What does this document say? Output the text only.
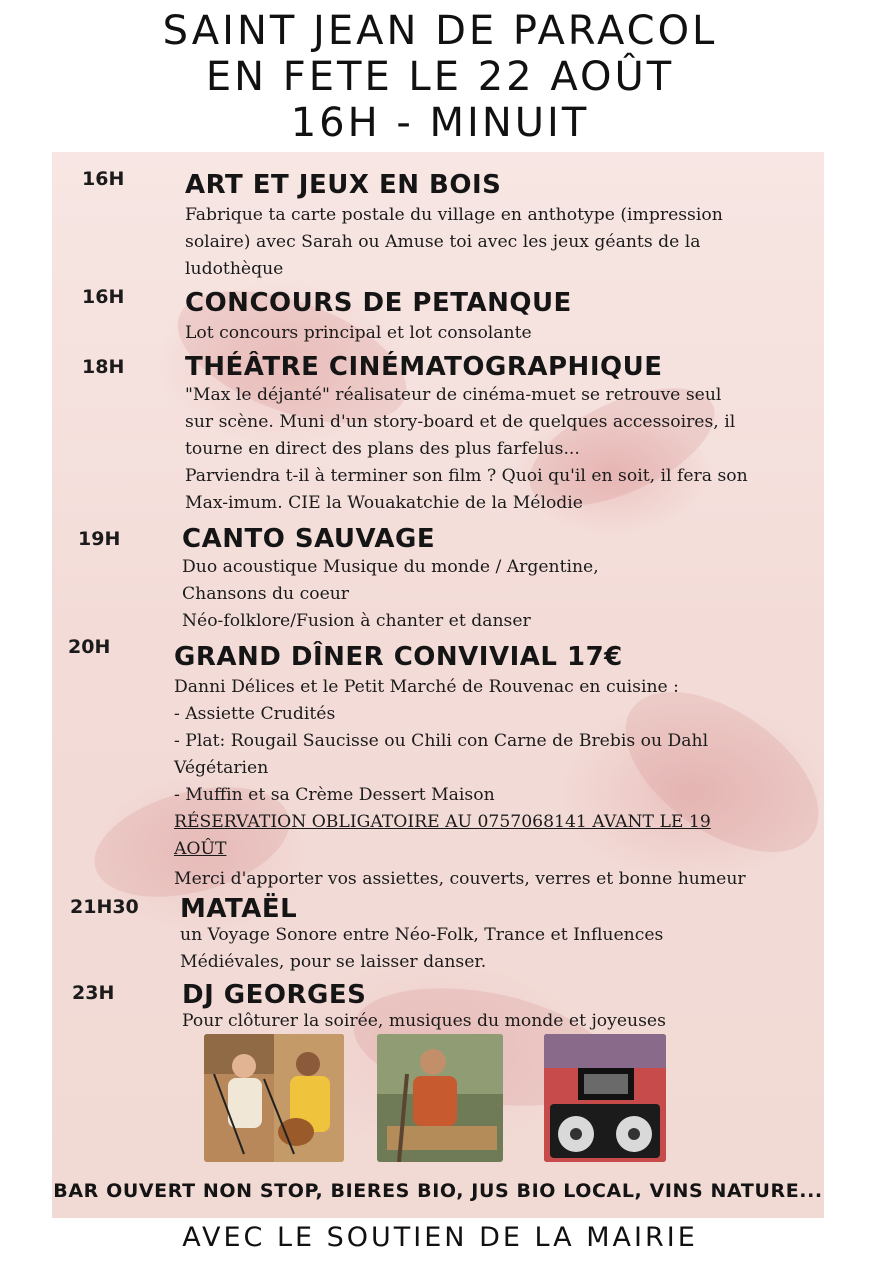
SAINT JEAN DE PARACOL
EN FETE LE 22 AOÛT
16H - MINUIT
16H ART ET JEUX EN BOIS
Fabrique ta carte postale du village en anthotype (impression
solaire) avec Sarah ou Amuse toi avec les jeux géants de la
ludothèque
16H CONCOURS DE PETANQUE
Lot concours principal et lot consolante
18H THÉÂTRE CINÉMATOGRAPHIQUE
"Max le déjanté" réalisateur de cinéma-muet se retrouve seul
sur scène. Muni d'un story-board et de quelques accessoires, il
tourne en direct des plans des plus farfelus...
Parviendra t-il à terminer son film ? Quoi qu'il en soit, il fera son
Max-imum. CIE la Wouakatchie de la Mélodie
19H CANTO SAUVAGE
Duo acoustique Musique du monde / Argentine,
Chansons du coeur
Néo-folklore/Fusion à chanter et danser
20H GRAND DÎNER CONVIVIAL 17€
Danni Délices et le Petit Marché de Rouvenac en cuisine :
- Assiette Crudités
- Plat: Rougail Saucisse ou Chili con Carne de Brebis ou Dahl
Végétarien
- Muffin et sa Crème Dessert Maison
RÉSERVATION OBLIGATOIRE AU 0757068141 AVANT LE 19
AOÛT
Merci d'apporter vos assiettes, couverts, verres et bonne humeur
21H30 MATAËL
un Voyage Sonore entre Néo-Folk, Trance et Influences
Médiévales, pour se laisser danser.
23H	DJ GEORGES
Pour clôturer la soirée, musiques du monde et joyeuses
BAR OUVERT NON STOP, BIERES BIO, JUS BIO LOCAL, VINS NATURE...
AVEC LE SOUTIEN DE LA MAIRIE
